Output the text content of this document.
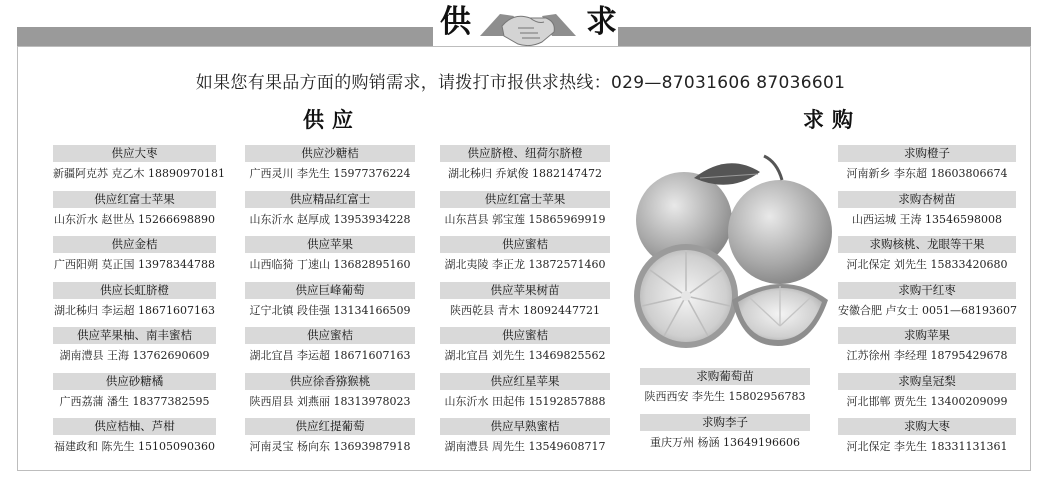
供	求
如果您有果品方面的购销需求，请拨打市报供求热线：029—87031606 87036601
供应	求购
供应大枣
新疆阿克苏 克乙木 18890970181
供应红富士苹果
山东沂水 赵世丛 15266698890
供应金桔
广西阳朔 莫正国 13978344788
供应长虹脐橙
湖北秭归 李运超 18671607163
供应苹果柚、南丰蜜桔
湖南澧县 王海 13762690609
供应砂糖橘
广西荔蒲 潘生 18377382595
供应桔柚、芦柑
福建政和 陈先生 15105090360
供应沙糖桔
广西灵川 李先生 15977376224
供应精品红富士
山东沂水 赵厚成 13953934228
供应苹果
山西临猗 丁速山 13682895160
供应巨峰葡萄
辽宁北镇 段佳强 13134166509
供应蜜桔
湖北宜昌 李运超 18671607163
供应徐香猕猴桃
陕西眉县 刘燕丽 18313978023
供应红提葡萄
河南灵宝 杨向东 13693987918
供应脐橙、纽荷尔脐橙
湖北秭归 乔斌俊 1882147472
供应红富士苹果
山东莒县 郭宝莲 15865969919
供应蜜桔
湖北夷陵 李正龙 13872571460
供应苹果树苗
陕西乾县 青木 18092447721
供应蜜桔
湖北宜昌 刘先生 13469825562
供应红星苹果
山东沂水 田起伟 15192857888
供应早熟蜜桔
湖南澧县 周先生 13549608717
求购葡萄苗
陕西西安 李先生 15802956783
求购李子
重庆万州 杨涵 13649196606
求购橙子
河南新乡 李东超 18603806674
求购杏树苗
山西运城 王涛 13546598008
求购核桃、龙眼等干果
河北保定 刘先生 15833420680
求购干红枣
安徽合肥 卢女士 0051—68193607
求购苹果
江苏徐州 李经理 18795429678
求购皇冠梨
河北邯郸 贾先生 13400209099
求购大枣
河北保定 李先生 18331131361
